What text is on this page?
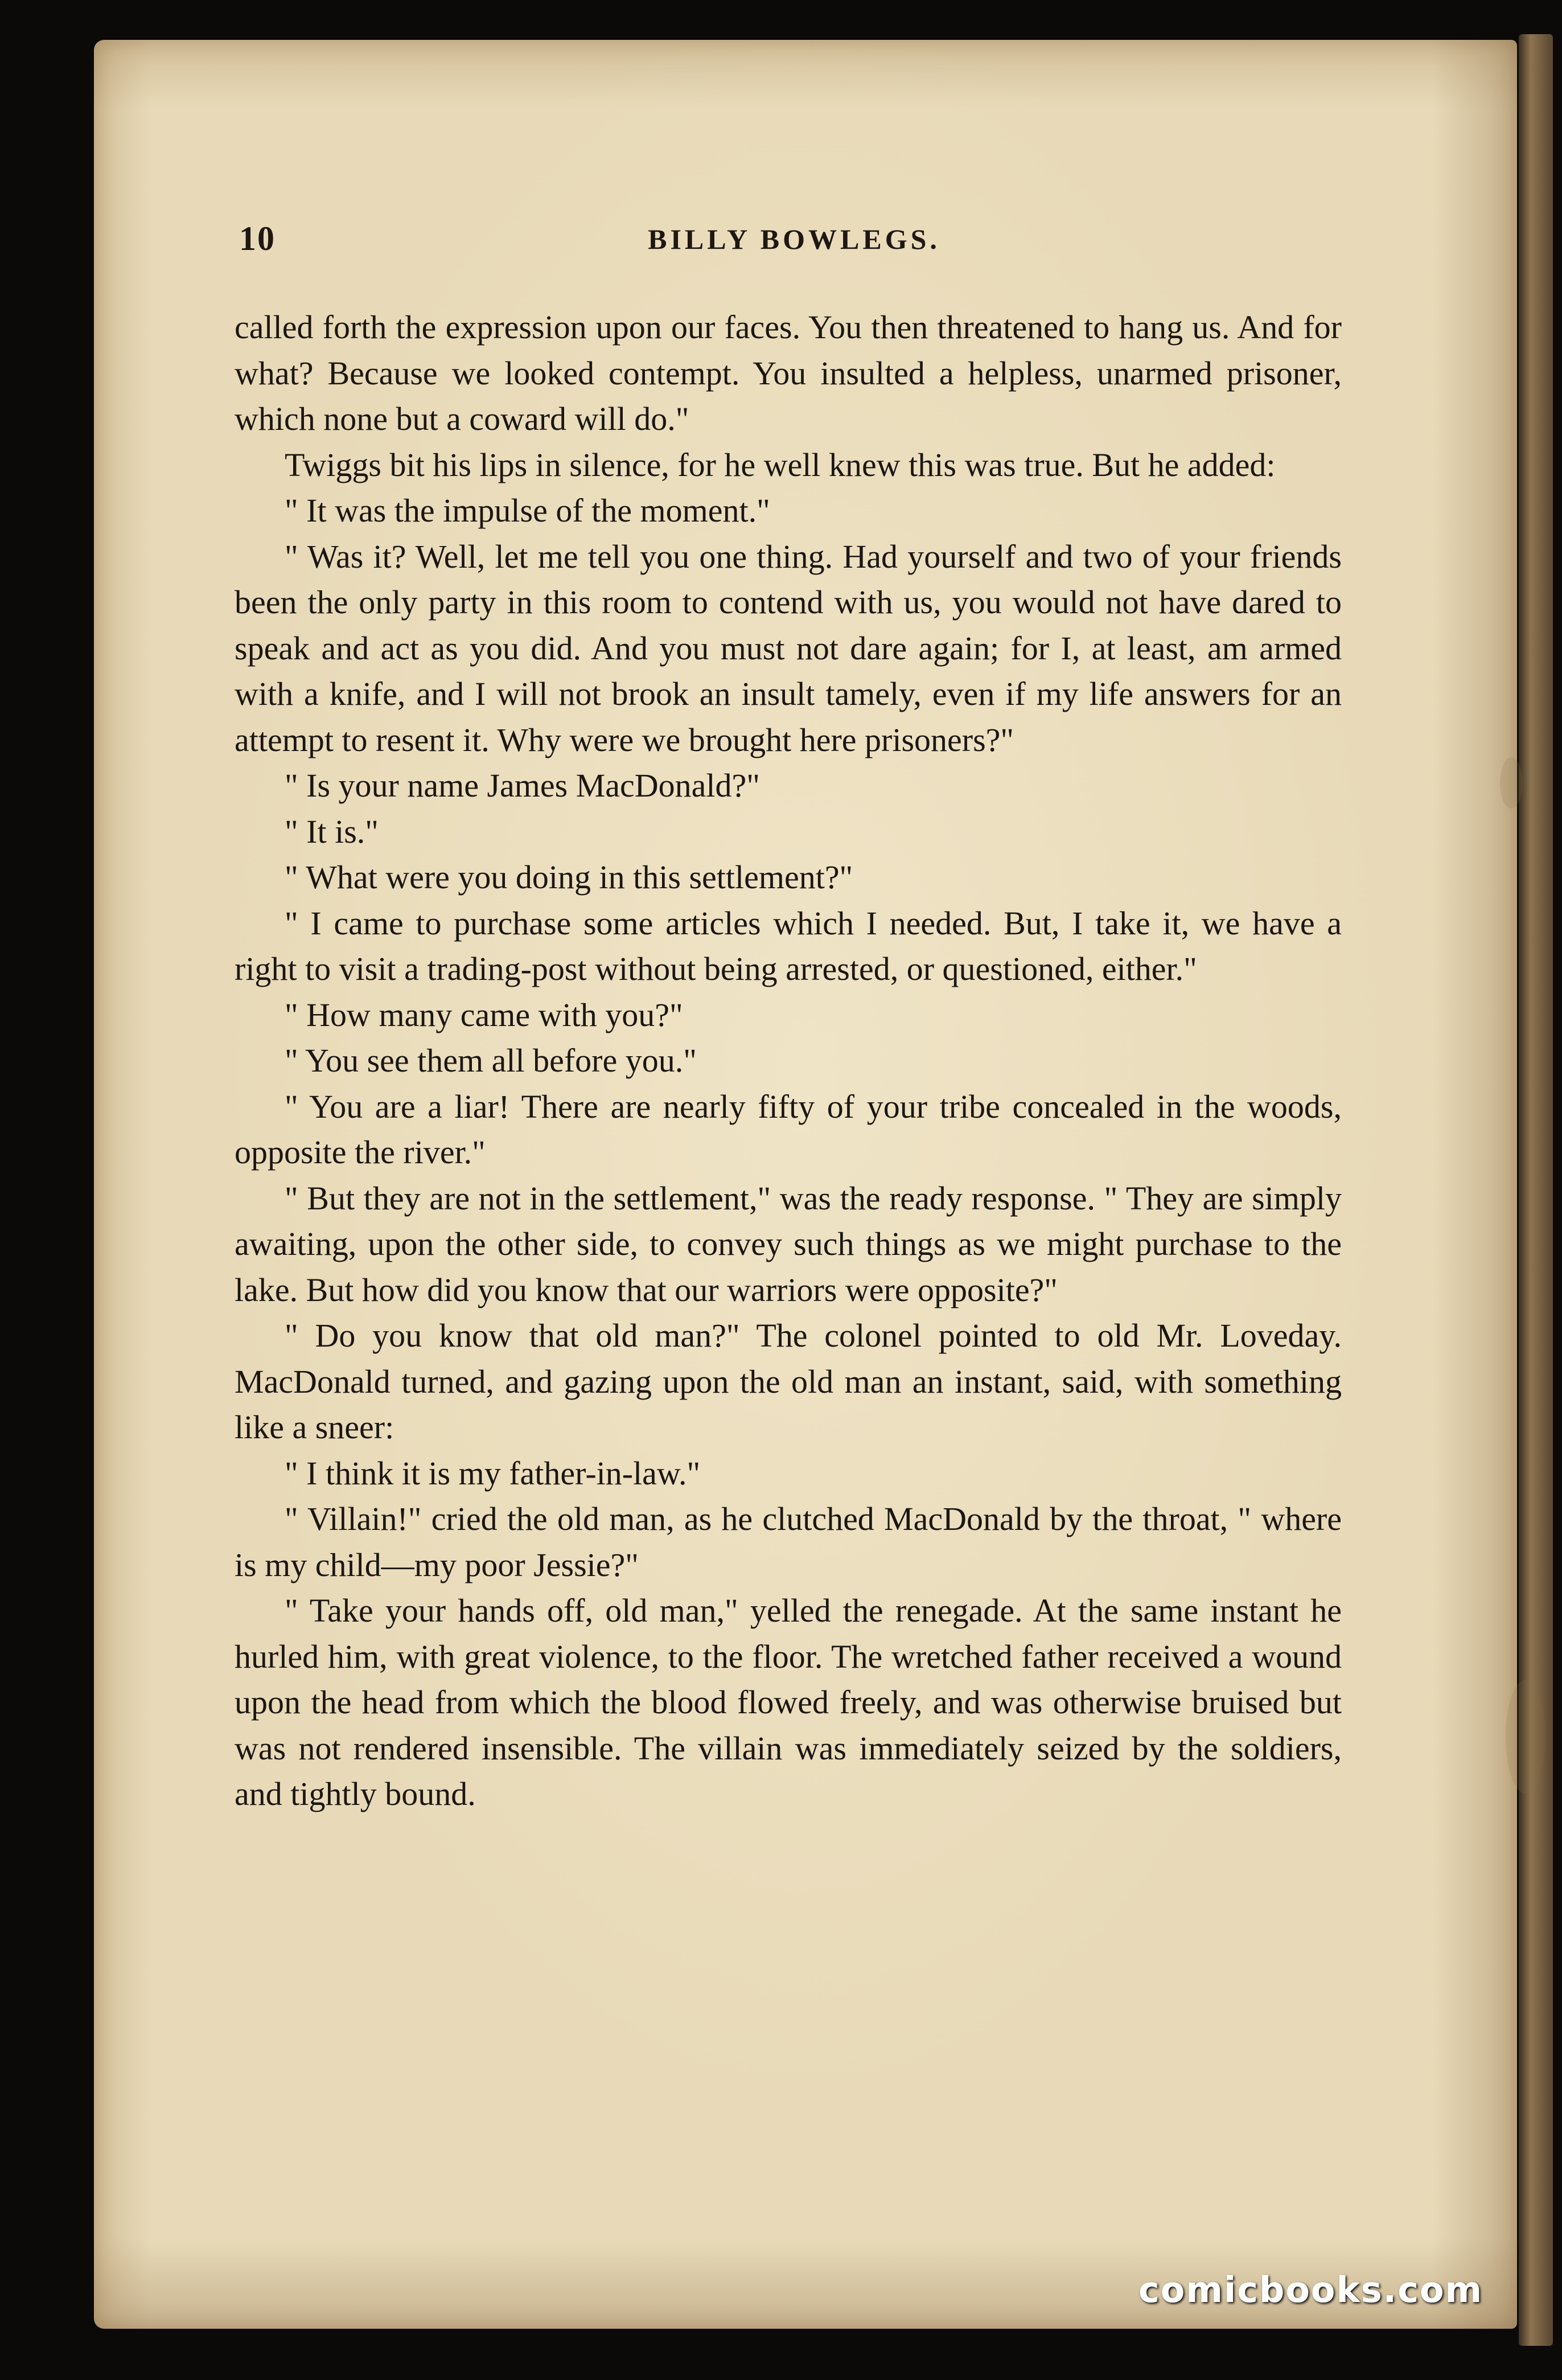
10	BILLY BOWLEGS.

called forth the expression upon our faces. You then threatened to hang us. And for what? Because we looked contempt. You insulted a helpless, unarmed prisoner, which none but a coward will do."

Twiggs bit his lips in silence, for he well knew this was true. But he added:

" It was the impulse of the moment."

" Was it? Well, let me tell you one thing. Had yourself and two of your friends been the only party in this room to contend with us, you would not have dared to speak and act as you did. And you must not dare again; for I, at least, am armed with a knife, and I will not brook an insult tamely, even if my life answers for an attempt to resent it. Why were we brought here prisoners?"

" Is your name James MacDonald?"

" It is."

" What were you doing in this settlement?"

" I came to purchase some articles which I needed. But, I take it, we have a right to visit a trading-post without being arrested, or questioned, either."

" How many came with you?"

" You see them all before you."

" You are a liar! There are nearly fifty of your tribe concealed in the woods, opposite the river."

" But they are not in the settlement," was the ready response. " They are simply awaiting, upon the other side, to convey such things as we might purchase to the lake. But how did you know that our warriors were opposite?"

" Do you know that old man?" The colonel pointed to old Mr. Loveday. MacDonald turned, and gazing upon the old man an instant, said, with something like a sneer:

" I think it is my father-in-law."

" Villain!" cried the old man, as he clutched MacDonald by the throat, " where is my child—my poor Jessie?"

" Take your hands off, old man," yelled the renegade. At the same instant he hurled him, with great violence, to the floor. The wretched father received a wound upon the head from which the blood flowed freely, and was otherwise bruised but was not rendered insensible. The villain was immediately seized by the soldiers, and tightly bound.

comicbooks.com
